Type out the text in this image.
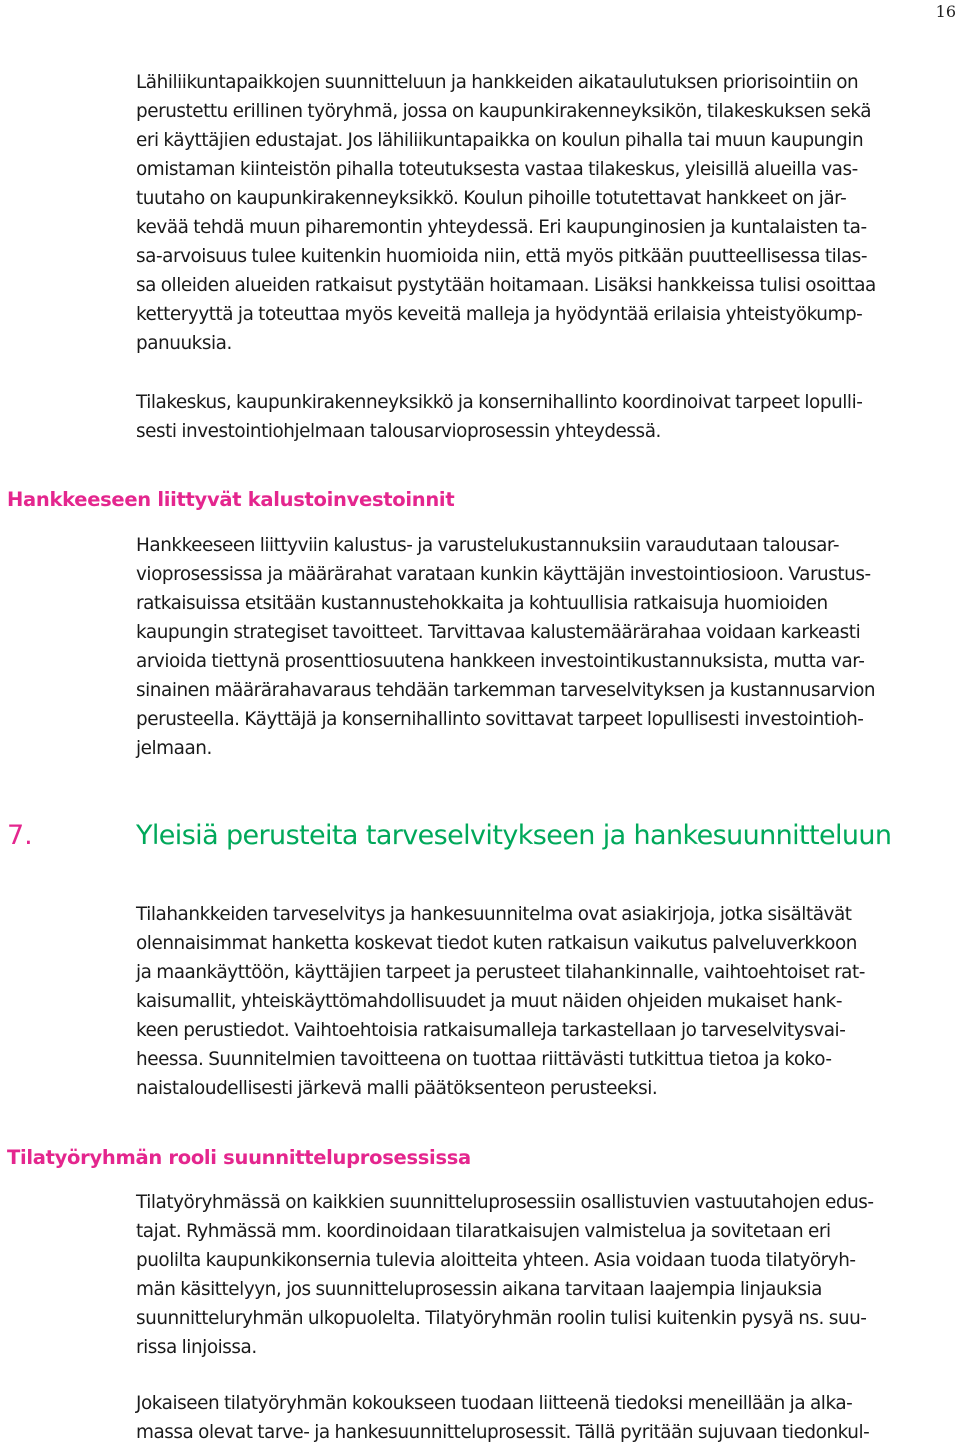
16

Lähiliikuntapaikkojen suunnitteluun ja hankkeiden aikataulutuksen priorisointiin on
perustettu erillinen työryhmä, jossa on kaupunkirakenneyksikön, tilakeskuksen sekä
eri käyttäjien edustajat. Jos lähiliikuntapaikka on koulun pihalla tai muun kaupungin
omistaman kiinteistön pihalla toteutuksesta vastaa tilakeskus, yleisillä alueilla vas-
tuutaho on kaupunkirakenneyksikkö. Koulun pihoille totutettavat hankkeet on jär-
kevää tehdä muun piharemontin yhteydessä. Eri kaupunginosien ja kuntalaisten ta-
sa-arvoisuus tulee kuitenkin huomioida niin, että myös pitkään puutteellisessa tilas-
sa olleiden alueiden ratkaisut pystytään hoitamaan. Lisäksi hankkeissa tulisi osoittaa
ketteryyttä ja toteuttaa myös keveitä malleja ja hyödyntää erilaisia yhteistyökump-
panuuksia.

Tilakeskus, kaupunkirakenneyksikkö ja konsernihallinto koordinoivat tarpeet lopulli-
sesti investointiohjelmaan talousarvioprosessin yhteydessä.

Hankkeeseen liittyvät kalustoinvestoinnit

Hankkeeseen liittyviin kalustus- ja varustelukustannuksiin varaudutaan talousar-
vioprosessissa ja määrärahat varataan kunkin käyttäjän investointiosioon. Varustus-
ratkaisuissa etsitään kustannustehokkaita ja kohtuullisia ratkaisuja huomioiden
kaupungin strategiset tavoitteet. Tarvittavaa kalustemäärärahaa voidaan karkeasti
arvioida tiettynä prosenttiosuutena hankkeen investointikustannuksista, mutta var-
sinainen määrärahavaraus tehdään tarkemman tarveselvityksen ja kustannusarvion
perusteella. Käyttäjä ja konsernihallinto sovittavat tarpeet lopullisesti investointioh-
jelmaan.

7.	Yleisiä perusteita tarveselvitykseen ja hankesuunnitteluun

Tilahankkeiden tarveselvitys ja hankesuunnitelma ovat asiakirjoja, jotka sisältävät
olennaisimmat hanketta koskevat tiedot kuten ratkaisun vaikutus palveluverkkoon
ja maankäyttöön, käyttäjien tarpeet ja perusteet tilahankinnalle, vaihtoehtoiset rat-
kaisumallit, yhteiskäyttömahdollisuudet ja muut näiden ohjeiden mukaiset hank-
keen perustiedot. Vaihtoehtoisia ratkaisumalleja tarkastellaan jo tarveselvitysvai-
heessa. Suunnitelmien tavoitteena on tuottaa riittävästi tutkittua tietoa ja koko-
naistaloudellisesti järkevä malli päätöksenteon perusteeksi.

Tilatyöryhmän rooli suunnitteluprosessissa

Tilatyöryhmässä on kaikkien suunnitteluprosessiin osallistuvien vastuutahojen edus-
tajat. Ryhmässä mm. koordinoidaan tilaratkaisujen valmistelua ja sovitetaan eri
puolilta kaupunkikonsernia tulevia aloitteita yhteen. Asia voidaan tuoda tilatyöryh-
män käsittelyyn, jos suunnitteluprosessin aikana tarvitaan laajempia linjauksia
suunnitteluryhmän ulkopuolelta. Tilatyöryhmän roolin tulisi kuitenkin pysyä ns. suu-
rissa linjoissa.

Jokaiseen tilatyöryhmän kokoukseen tuodaan liitteenä tiedoksi meneillään ja alka-
massa olevat tarve- ja hankesuunnitteluprosessit. Tällä pyritään sujuvaan tiedonkul-
